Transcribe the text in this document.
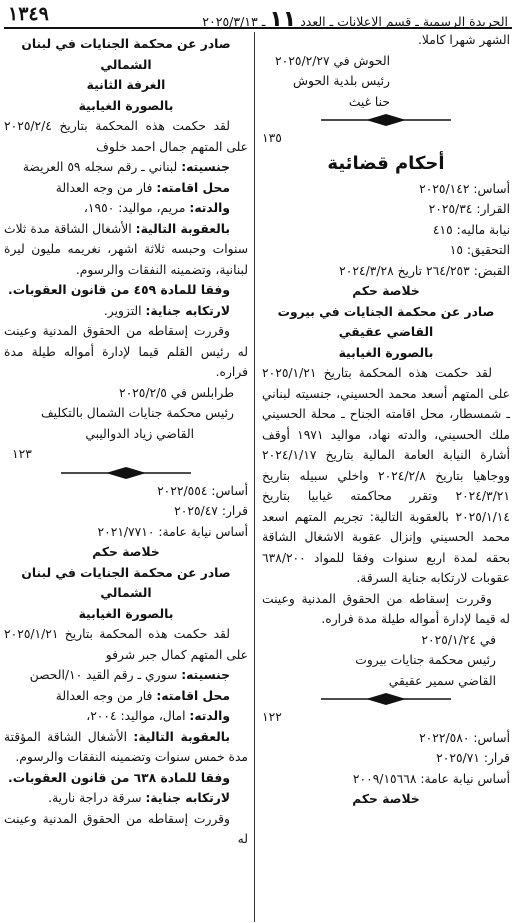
١٣٤٩	الجريدة الرسمية ـ قسم الاعلانات ـ العدد ١١ ـ ٢٠٢٥/٣/١٣

الشهر شهرا كاملا.

الحوش في ٢٠٢٥/٢/٢٧

رئيس بلدية الحوش

حنا غيث

١٣٥

أحكام قضائية

أساس: ٢٠٢٥/١٤٢

القرار: ٢٠٢٥/٣٤

نيابة ماليه: ٤١٥

التحقيق: ١٥

القبض: ٢٦٤/٢٥٣ تاريخ ٢٠٢٤/٣/٢٨

خلاصة حكم

صادر عن محكمة الجنايات في بيروت

القاضي عقيقي

بالصورة الغيابية

لقد حكمت هذه المحكمة بتاريخ ٢٠٢٥/١/٢١ على المتهم أسعد محمد الحسيني، جنسيته لبناني ـ شمسطار، محل اقامته الجناح ـ محلة الحسيني ملك الحسيني، والدته نهاد، مواليد ١٩٧١ أوقف أشارة النيابة العامة المالية بتاريخ ٢٠٢٤/١/١٧ ووجاهيا بتاريخ ٢٠٢٤/٢/٨ واخلي سبيله بتاريخ ٢٠٢٤/٣/٢١ وتقرر محاكمته غيابيا بتاريخ ٢٠٢٥/١/١٤ بالعقوبة التالية: تجريم المتهم اسعد محمد الحسيني وإنزال عقوبة الاشغال الشاقة بحقه لمدة اربع سنوات وفقا للمواد ٦٣٨/٢٠٠ عقوبات لارتكابه جناية السرقة.

وقررت إسقاطه من الحقوق المدنية وعينت له قيما لإدارة أمواله طيلة مدة فراره.

في ٢٠٢٥/١/٢٤

رئيس محكمة جنايات بيروت

القاضي سمير عقيقي

١٢٢

أساس: ٢٠٢٢/٥٨٠

قرار: ٢٠٢٥/٧١

أساس نيابة عامة: ٢٠٠٩/١٥٦٦٨

خلاصة حكم

صادر عن محكمة الجنايات في لبنان الشمالي

الغرفة الثانية

بالصورة الغيابية

لقد حكمت هذه المحكمة بتاريخ ٢٠٢٥/٢/٤ على المتهم جمال احمد خلوف

جنسيته: لبناني ـ رقم سجله ٥٩ العريضة

محل اقامته: فار من وجه العدالة

والدته: مريم، مواليد: ١٩٥٠،

بالعقوبة التالية: الأشغال الشاقة مدة ثلاث سنوات وحبسه ثلاثة اشهر، نغريمه مليون ليرة لبنانية، وتضمينه النفقات والرسوم.

وفقا للمادة ٤٥٩ من قانون العقوبات.

لارتكابه جناية: التزوير.

وقررت إسقاطه من الحقوق المدنية وعينت له رئيس القلم قيما لإدارة أمواله طيلة مدة فراره.

طرابلس في ٢٠٢٥/٢/٥

رئيس محكمة جنايات الشمال بالتكليف

القاضي زياد الدواليبي

١٢٣

أساس: ٢٠٢٢/٥٥٤

قرار: ٢٠٢٥/٤٧

أساس نيابة عامة: ٢٠٢١/٧٧١٠

خلاصة حكم

صادر عن محكمة الجنايات في لبنان الشمالي

بالصورة الغيابية

لقد حكمت هذه المحكمة بتاريخ ٢٠٢٥/١/٢١ على المتهم كمال جبر شرفو

جنسيته: سوري ـ رقم القيد ١٠/الحصن

محل اقامته: فار من وجه العدالة

والدته: امال، مواليد: ٢٠٠٤،

بالعقوبة التالية: الأشغال الشاقة المؤقتة مدة خمس سنوات وتضمينه النفقات والرسوم.

وفقا للمادة ٦٣٨ من قانون العقوبات.

لارتكابه جناية: سرقة دراجة نارية.

وقررت إسقاطه من الحقوق المدنية وعينت له
